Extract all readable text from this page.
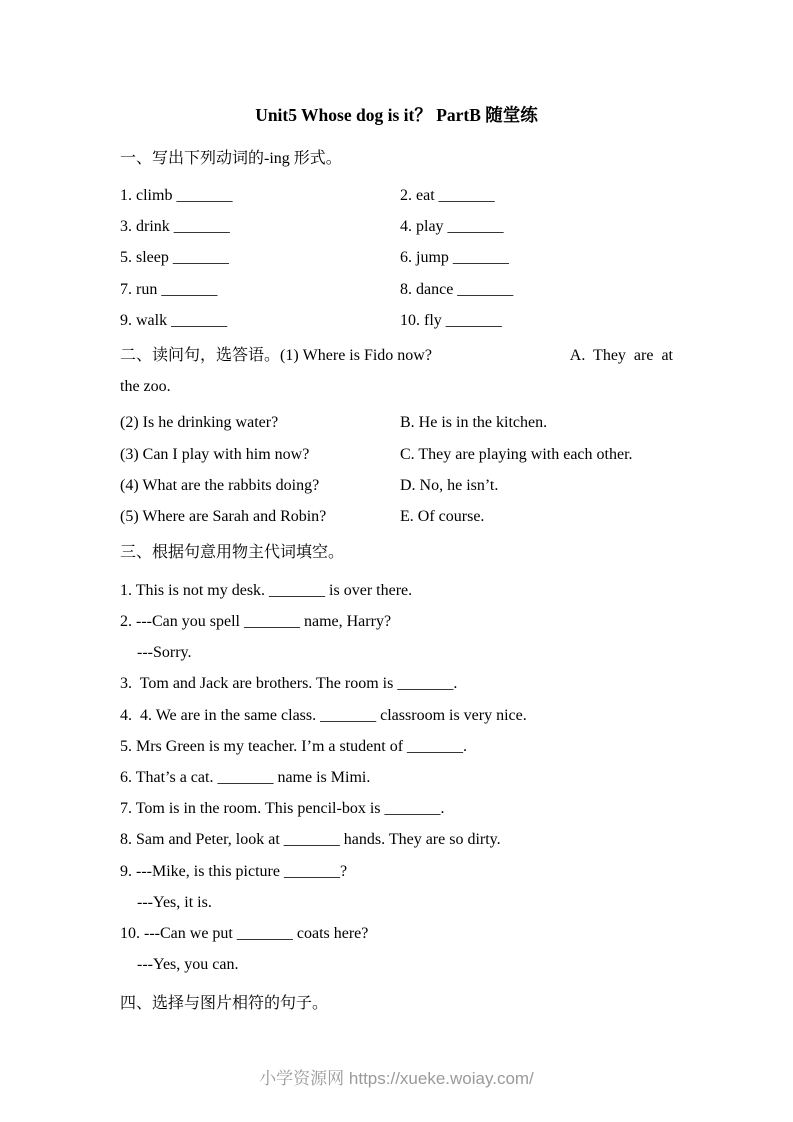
Unit5 Whose dog is it？ PartB 随堂练
一、写出下列动词的-ing 形式。
1. climb _______	2. eat _______
3. drink _______	4. play _______
5. sleep _______	6. jump _______
7. run _______	8. dance _______
9. walk _______	10. fly _______
二、读问句，选答语。(1) Where is Fido now?	A. They are at
the zoo.
(2) Is he drinking water?	B. He is in the kitchen.
(3) Can I play with him now?	C. They are playing with each other.
(4) What are the rabbits doing?	D. No, he isn’t.
(5) Where are Sarah and Robin?	E. Of course.
三、根据句意用物主代词填空。
1. This is not my desk. _______ is over there.
2. ---Can you spell _______ name, Harry?
---Sorry.
3.  Tom and Jack are brothers. The room is _______.
4.  4. We are in the same class. _______ classroom is very nice.
5. Mrs Green is my teacher. I’m a student of _______.
6. That’s a cat. _______ name is Mimi.
7. Tom is in the room. This pencil-box is _______.
8. Sam and Peter, look at _______ hands. They are so dirty.
9. ---Mike, is this picture _______?
---Yes, it is.
10. ---Can we put _______ coats here?
---Yes, you can.
四、选择与图片相符的句子。
小学资源网 https://xueke.woiay.com/
